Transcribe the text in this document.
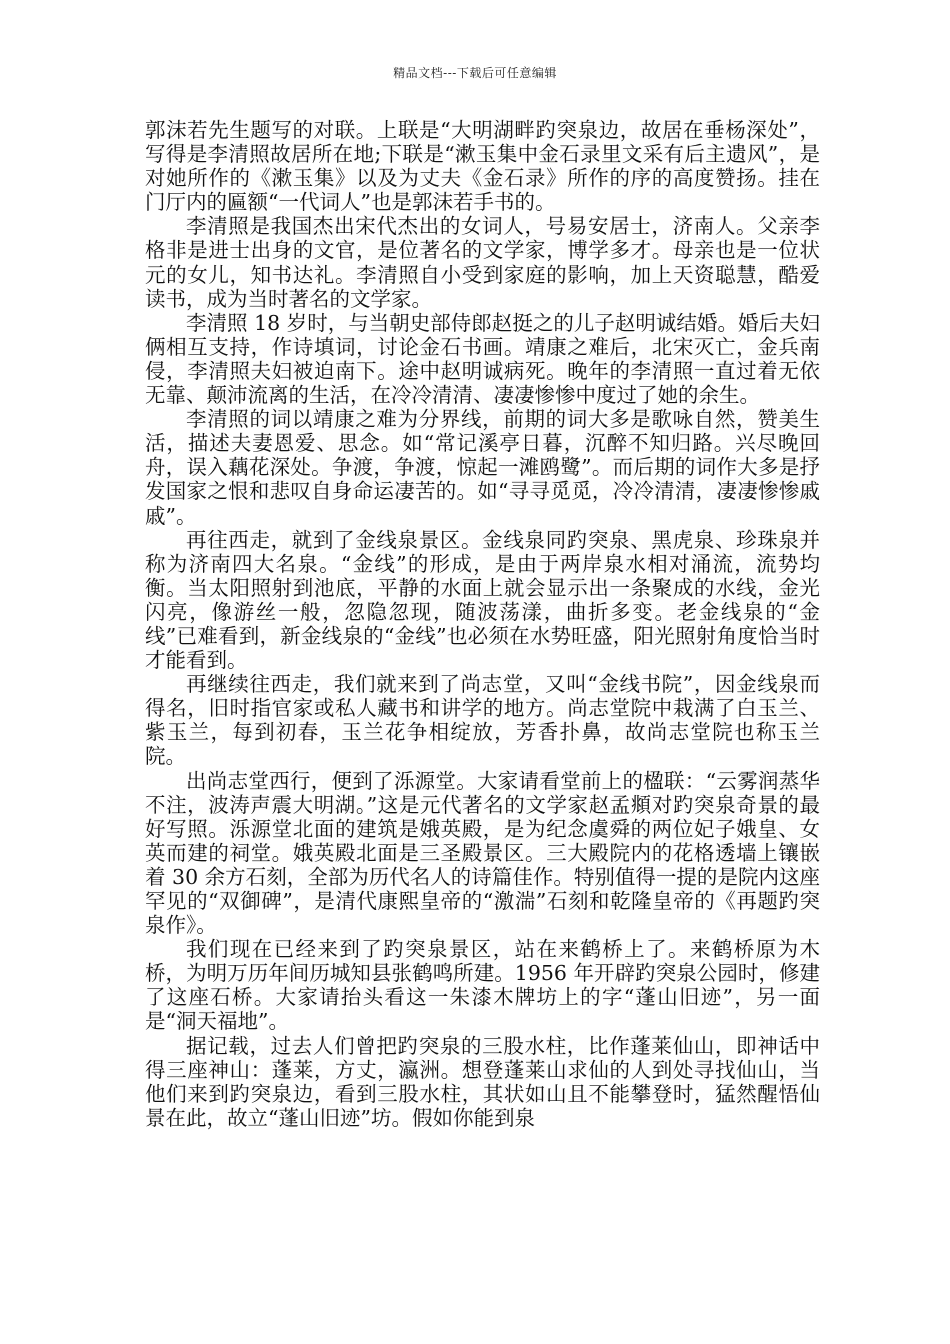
精品文档---下载后可任意编辑

郭沫若先生题写的对联。上联是“大明湖畔趵突泉边，故居在垂杨深处”，写得是李清照故居所在地;下联是“漱玉集中金石录里文采有后主遗风”，是对她所作的《漱玉集》以及为丈夫《金石录》所作的序的高度赞扬。挂在门厅内的匾额“一代词人”也是郭沫若手书的。

李清照是我国杰出宋代杰出的女词人，号易安居士，济南人。父亲李格非是进士出身的文官，是位著名的文学家，博学多才。母亲也是一位状元的女儿，知书达礼。李清照自小受到家庭的影响，加上天资聪慧，酷爱读书，成为当时著名的文学家。

李清照 18 岁时，与当朝史部侍郎赵挺之的儿子赵明诚结婚。婚后夫妇俩相互支持，作诗填词，讨论金石书画。靖康之难后，北宋灭亡，金兵南侵，李清照夫妇被迫南下。途中赵明诚病死。晚年的李清照一直过着无依无靠、颠沛流离的生活，在冷冷清清、凄凄惨惨中度过了她的余生。

李清照的词以靖康之难为分界线，前期的词大多是歌咏自然，赞美生活，描述夫妻恩爱、思念。如“常记溪亭日暮，沉醉不知归路。兴尽晚回舟，误入藕花深处。争渡，争渡，惊起一滩鸥鹭”。而后期的词作大多是抒发国家之恨和悲叹自身命运凄苦的。如“寻寻觅觅，冷冷清清，凄凄惨惨戚戚”。

再往西走，就到了金线泉景区。金线泉同趵突泉、黑虎泉、珍珠泉并称为济南四大名泉。“金线”的形成，是由于两岸泉水相对涌流，流势均衡。当太阳照射到池底，平静的水面上就会显示出一条聚成的水线，金光闪亮，像游丝一般，忽隐忽现，随波荡漾，曲折多变。老金线泉的“金线”已难看到，新金线泉的“金线”也必须在水势旺盛，阳光照射角度恰当时才能看到。

再继续往西走，我们就来到了尚志堂，又叫“金线书院”，因金线泉而得名，旧时指官家或私人藏书和讲学的地方。尚志堂院中栽满了白玉兰、紫玉兰，每到初春，玉兰花争相绽放，芳香扑鼻，故尚志堂院也称玉兰院。

出尚志堂西行，便到了泺源堂。大家请看堂前上的楹联：“云雾润蒸华不注，波涛声震大明湖。”这是元代著名的文学家赵孟頫对趵突泉奇景的最好写照。泺源堂北面的建筑是娥英殿，是为纪念虞舜的两位妃子娥皇、女英而建的祠堂。娥英殿北面是三圣殿景区。三大殿院内的花格透墙上镶嵌着 30 余方石刻，全部为历代名人的诗篇佳作。特别值得一提的是院内这座罕见的“双御碑”，是清代康熙皇帝的“激湍”石刻和乾隆皇帝的《再题趵突泉作》。

我们现在已经来到了趵突泉景区，站在来鹤桥上了。来鹤桥原为木桥，为明万历年间历城知县张鹤鸣所建。1956 年开辟趵突泉公园时，修建了这座石桥。大家请抬头看这一朱漆木牌坊上的字“蓬山旧迹”，另一面是“洞天福地”。

据记载，过去人们曾把趵突泉的三股水柱，比作蓬莱仙山，即神话中得三座神山：蓬莱，方丈，瀛洲。想登蓬莱山求仙的人到处寻找仙山，当他们来到趵突泉边，看到三股水柱，其状如山且不能攀登时，猛然醒悟仙景在此，故立“蓬山旧迹”坊。假如你能到泉
